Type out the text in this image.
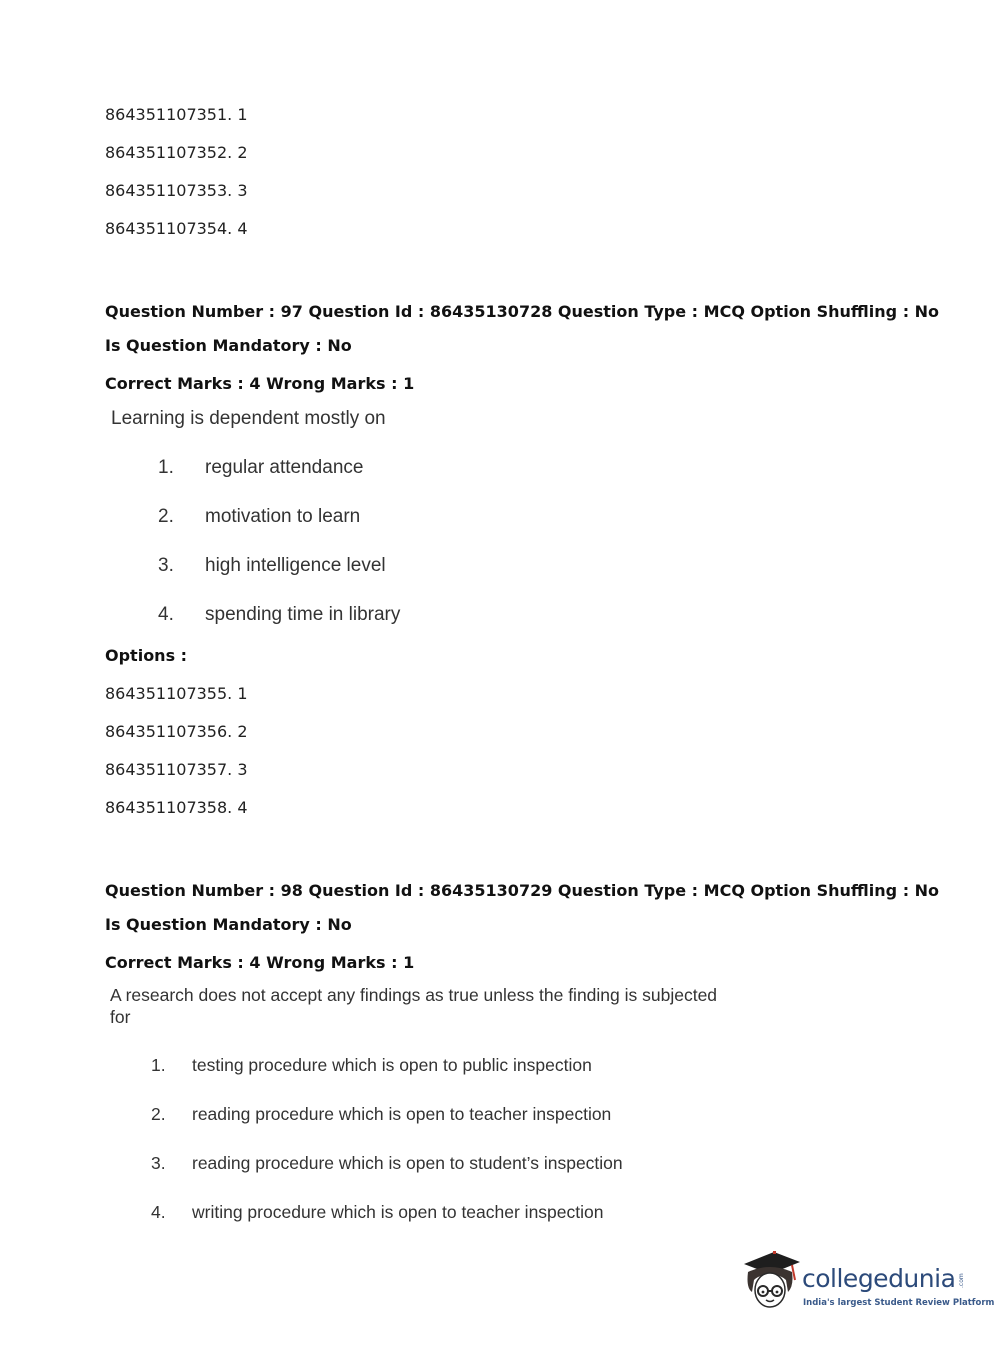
864351107351. 1
864351107352. 2
864351107353. 3
864351107354. 4
Question Number : 97 Question Id : 86435130728 Question Type : MCQ Option Shuffling : No
Is Question Mandatory : No
Correct Marks : 4 Wrong Marks : 1
Learning is dependent mostly on
1. regular attendance
2. motivation to learn
3. high intelligence level
4. spending time in library
Options :
864351107355. 1
864351107356. 2
864351107357. 3
864351107358. 4
Question Number : 98 Question Id : 86435130729 Question Type : MCQ Option Shuffling : No
Is Question Mandatory : No
Correct Marks : 4 Wrong Marks : 1
A research does not accept any findings as true unless the finding is subjected
for
1. testing procedure which is open to public inspection
2. reading procedure which is open to teacher inspection
3. reading procedure which is open to student’s inspection
4. writing procedure which is open to teacher inspection
collegedunia .com
India's largest Student Review Platform
